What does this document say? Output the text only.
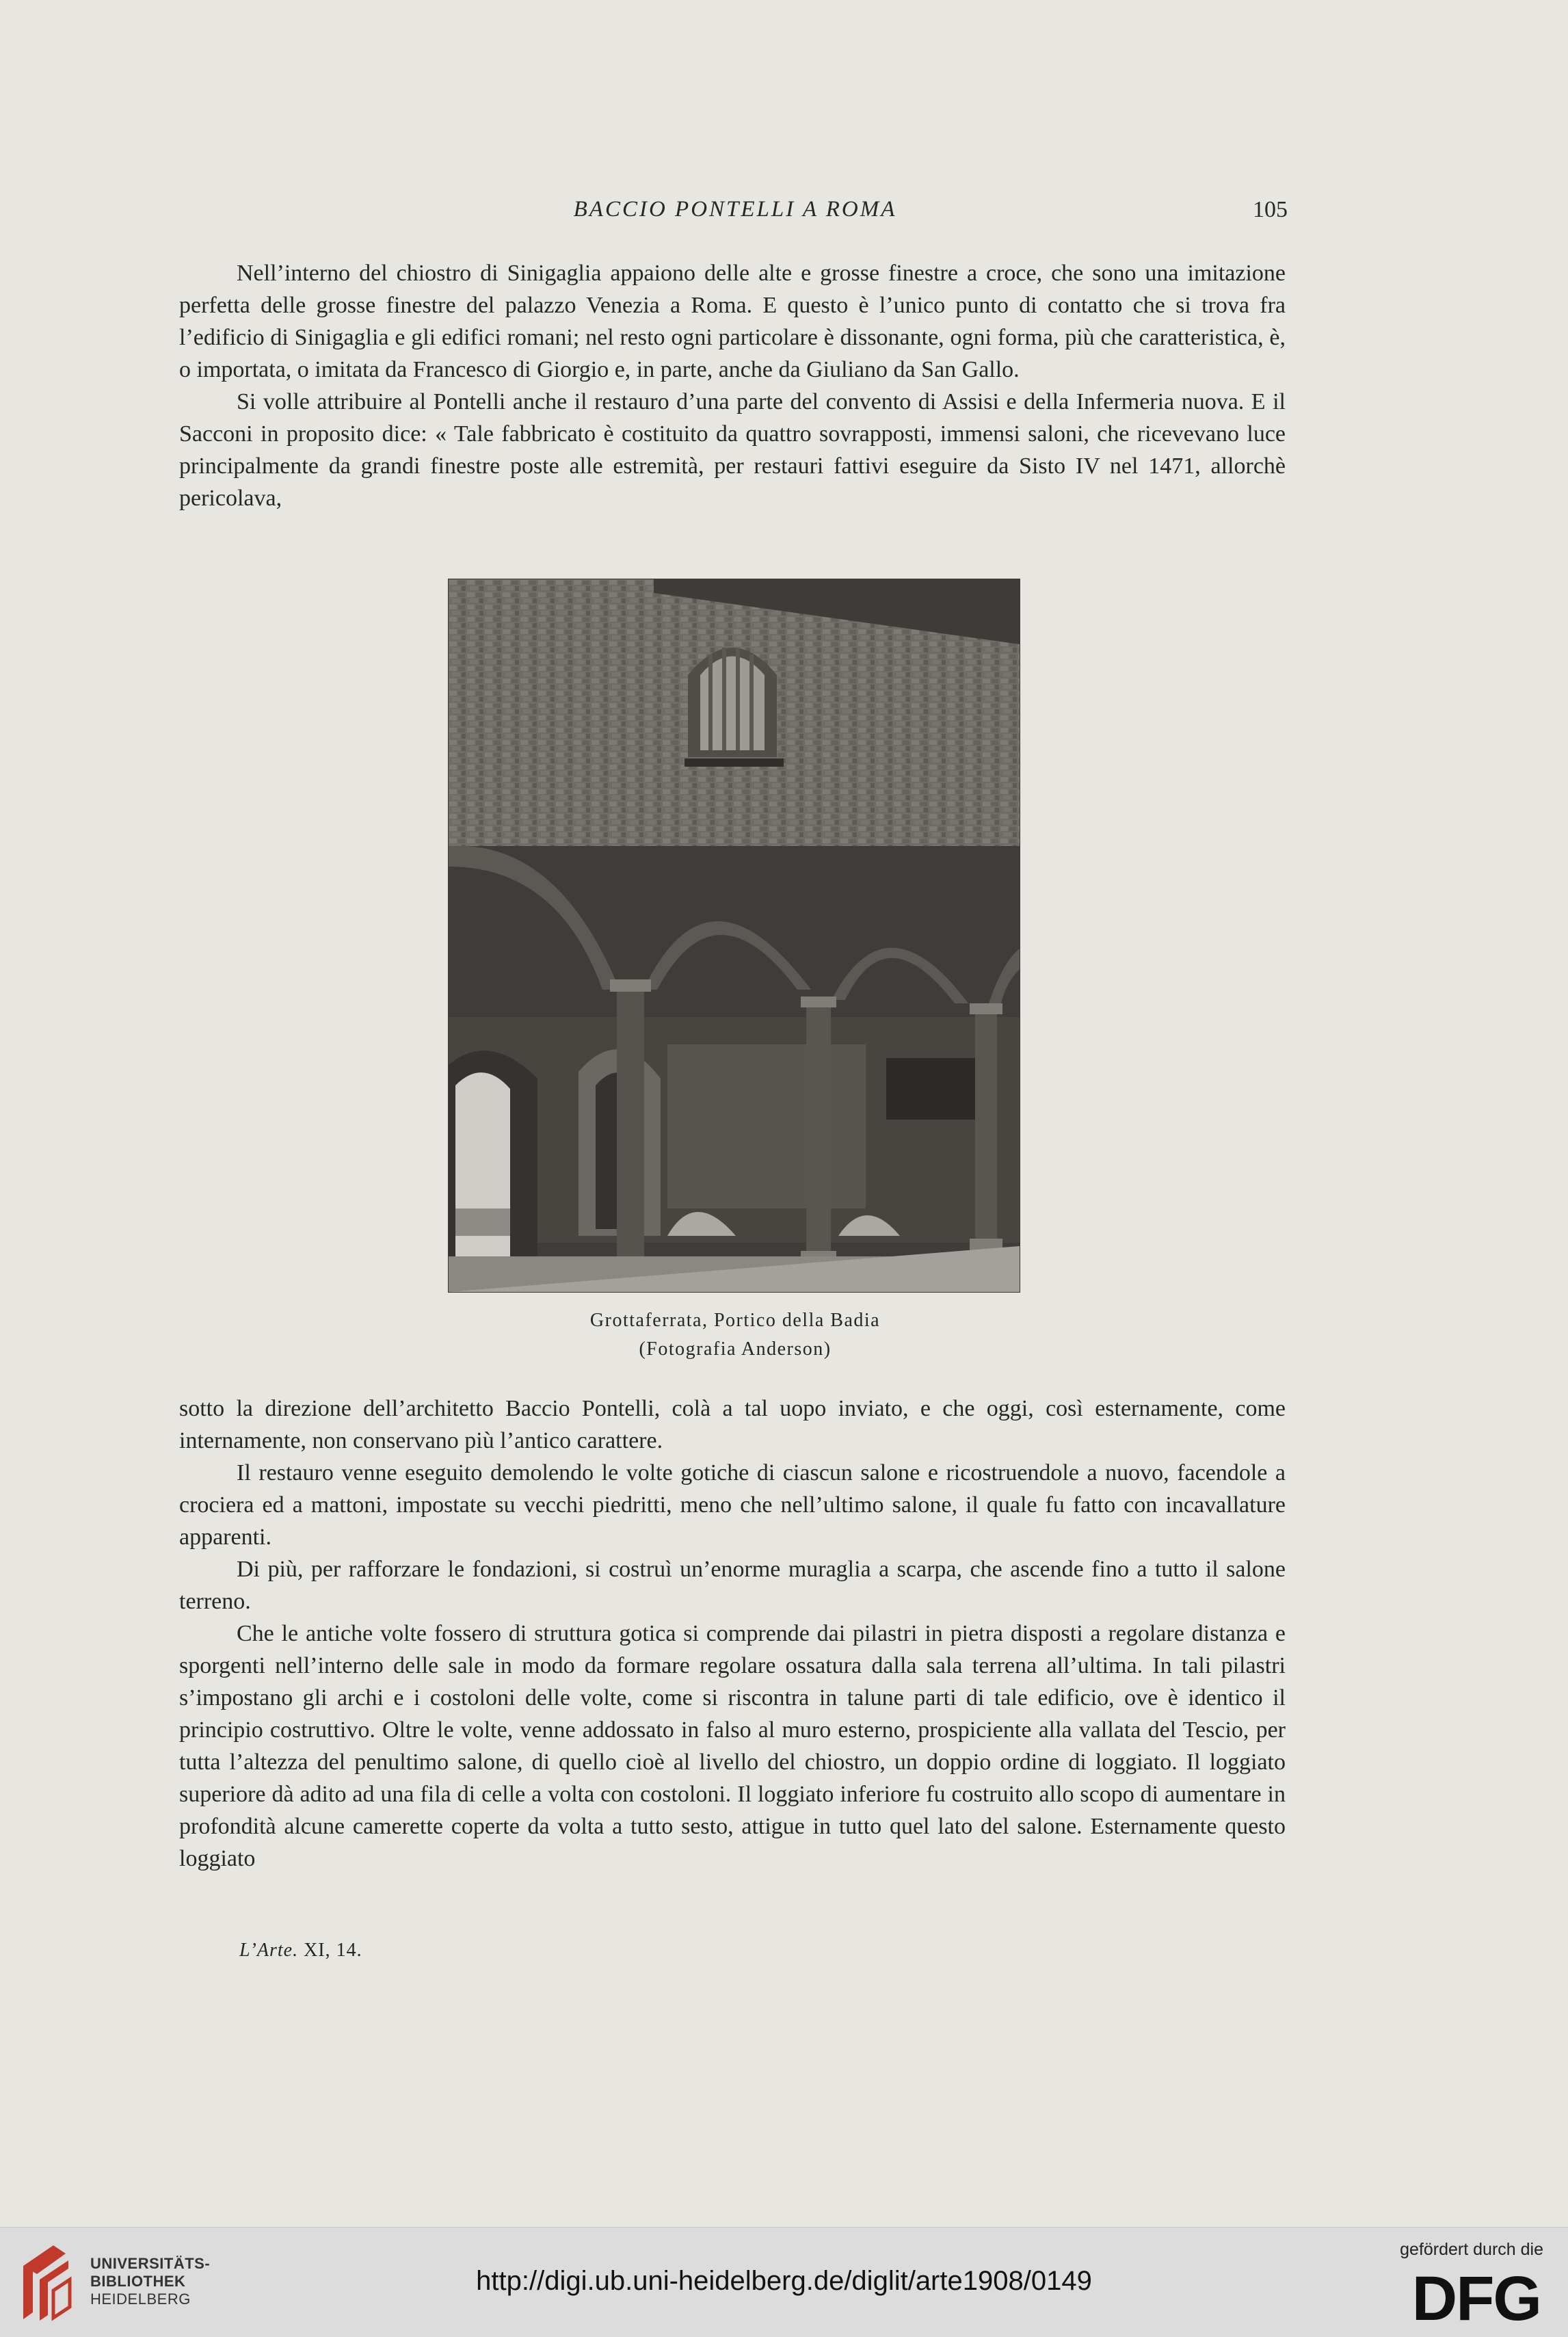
BACCIO PONTELLI A ROMA	105

Nell’interno del chiostro di Sinigaglia appaiono delle alte e grosse finestre a croce, che sono una imitazione perfetta delle grosse finestre del palazzo Venezia a Roma. E questo è l’unico punto di contatto che si trova fra l’edificio di Sinigaglia e gli edifici romani; nel resto ogni particolare è dissonante, ogni forma, più che caratteristica, è, o importata, o imitata da Francesco di Giorgio e, in parte, anche da Giuliano da San Gallo.

Si volle attribuire al Pontelli anche il restauro d’una parte del convento di Assisi e della Infermeria nuova. E il Sacconi in proposito dice: « Tale fabbricato è costituito da quattro sovrapposti, immensi saloni, che ricevevano luce principalmente da grandi finestre poste alle estremità, per restauri fattivi eseguire da Sisto IV nel 1471, allorchè pericolava,

Grottaferrata, Portico della Badia
(Fotografia Anderson)

sotto la direzione dell’architetto Baccio Pontelli, colà a tal uopo inviato, e che oggi, così esternamente, come internamente, non conservano più l’antico carattere.

Il restauro venne eseguito demolendo le volte gotiche di ciascun salone e ricostruendole a nuovo, facendole a crociera ed a mattoni, impostate su vecchi piedritti, meno che nell’ultimo salone, il quale fu fatto con incavallature apparenti.

Di più, per rafforzare le fondazioni, si costruì un’enorme muraglia a scarpa, che ascende fino a tutto il salone terreno.

Che le antiche volte fossero di struttura gotica si comprende dai pilastri in pietra disposti a regolare distanza e sporgenti nell’interno delle sale in modo da formare regolare ossatura dalla sala terrena all’ultima. In tali pilastri s’impostano gli archi e i costoloni delle volte, come si riscontra in talune parti di tale edificio, ove è identico il principio costruttivo. Oltre le volte, venne addossato in falso al muro esterno, prospiciente alla vallata del Tescio, per tutta l’altezza del penultimo salone, di quello cioè al livello del chiostro, un doppio ordine di loggiato. Il loggiato superiore dà adito ad una fila di celle a volta con costoloni. Il loggiato inferiore fu costruito allo scopo di aumentare in profondità alcune camerette coperte da volta a tutto sesto, attigue in tutto quel lato del salone. Esternamente questo loggiato

L’Arte. XI, 14.
UNIVERSITÄTS-
BIBLIOTHEK
HEIDELBERG
http://digi.ub.uni-heidelberg.de/diglit/arte1908/0149
gefördert durch die
DFG
